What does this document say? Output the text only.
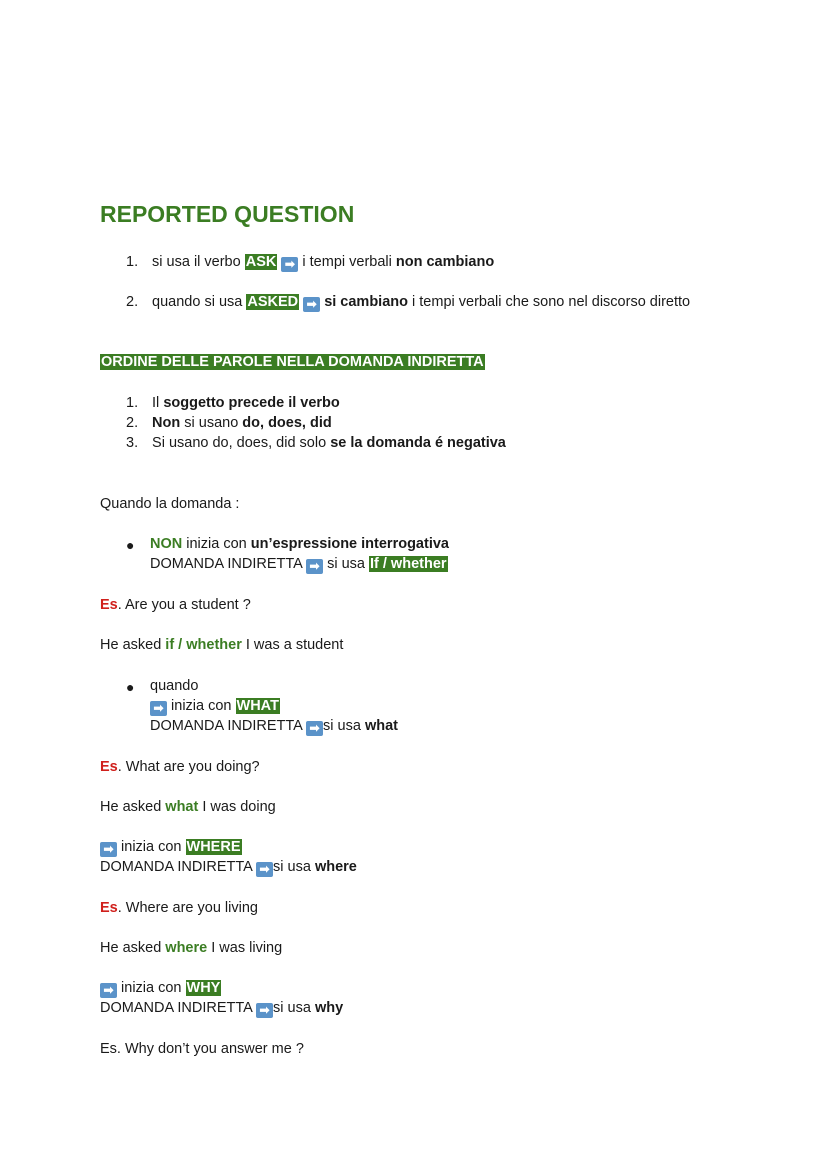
REPORTED QUESTION
1. si usa il verbo ASK ➡ i tempi verbali non cambiano
2. quando si usa ASKED ➡ si cambiano i tempi verbali che sono nel discorso diretto
ORDINE DELLE PAROLE NELLA DOMANDA INDIRETTA
1. Il soggetto precede il verbo
2. Non si usano do, does, did
3. Si usano do, does, did solo se la domanda é negativa
Quando la domanda :
● NON inizia con un’espressione interrogativa
DOMANDA INDIRETTA ➡ si usa If / whether
Es. Are you a student ?
He asked if / whether I was a student
● quando
➡ inizia con WHAT
DOMANDA INDIRETTA ➡ si usa what
Es. What are you doing?
He asked what I was doing
➡ inizia con WHERE
DOMANDA INDIRETTA ➡ si usa where
Es. Where are you living
He asked where I was living
➡ inizia con WHY
DOMANDA INDIRETTA ➡ si usa why
Es. Why don’t you answer me ?
